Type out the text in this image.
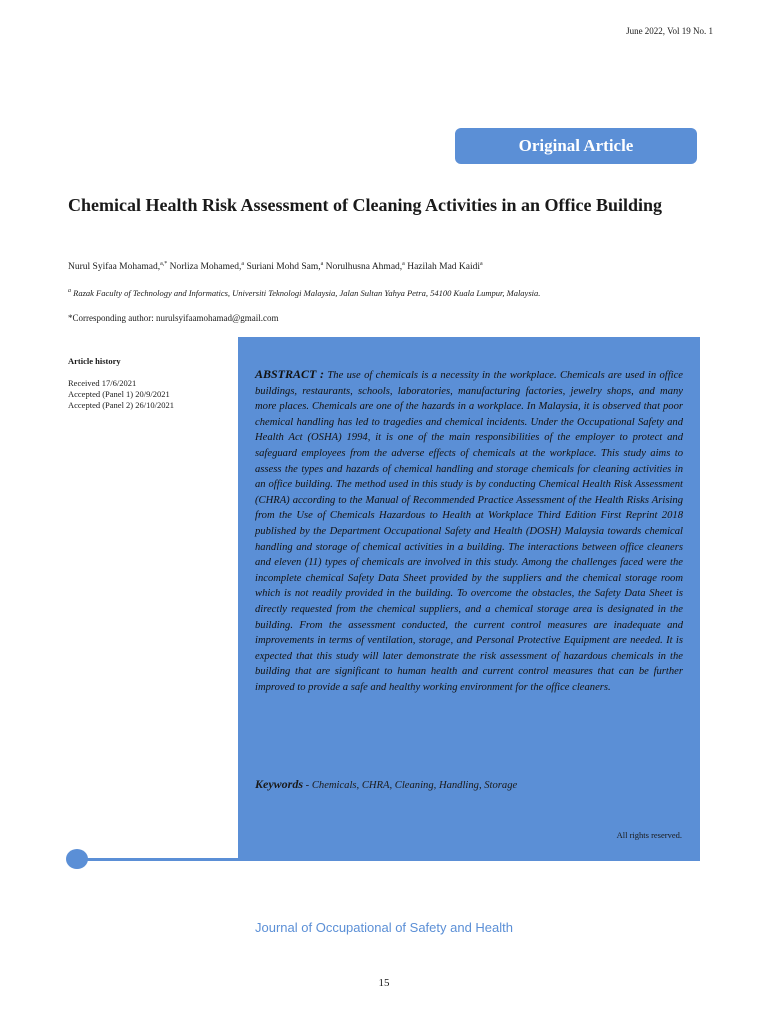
June 2022, Vol 19 No. 1
Original Article
Chemical Health Risk Assessment of Cleaning Activities in an Office Building
Nurul Syifaa Mohamad,$^{a,*}$ Norliza Mohamed,$^a$ Suriani Mohd Sam,$^a$ Norulhusna Ahmad,$^a$ Hazilah Mad Kaidi$^a$
$^a$ Razak Faculty of Technology and Informatics, Universiti Teknologi Malaysia, Jalan Sultan Yahya Petra, 54100 Kuala Lumpur, Malaysia.
*Corresponding author: nurulsyifaamohamad@gmail.com
Article history
Received 17/6/2021
Accepted (Panel 1) 20/9/2021
Accepted (Panel 2) 26/10/2021

ABSTRACT : The use of chemicals is a necessity in the workplace. Chemicals are used in office buildings, restaurants, schools, laboratories, manufacturing factories, jewelry shops, and many more places. Chemicals are one of the hazards in a workplace. In Malaysia, it is observed that poor chemical handling has led to tragedies and chemical incidents. Under the Occupational Safety and Health Act (OSHA) 1994, it is one of the main responsibilities of the employer to protect and safeguard employees from the adverse effects of chemicals at the workplace. This study aims to assess the types and hazards of chemical handling and storage chemicals for cleaning activities in an office building. The method used in this study is by conducting Chemical Health Risk Assessment (CHRA) according to the Manual of Recommended Practice Assessment of the Health Risks Arising from the Use of Chemicals Hazardous to Health at Workplace Third Edition First Reprint 2018 published by the Department Occupational Safety and Health (DOSH) Malaysia towards chemical handling and storage of chemical activities in a building. The interactions between office cleaners and eleven (11) types of chemicals are involved in this study. Among the challenges faced were the incomplete chemical Safety Data Sheet provided by the suppliers and the chemical storage room which is not readily provided in the building. To overcome the obstacles, the Safety Data Sheet is directly requested from the chemical suppliers, and a chemical storage area is designated in the building. From the assessment conducted, the current control measures are inadequate and improvements in terms of ventilation, storage, and Personal Protective Equipment are needed. It is expected that this study will later demonstrate the risk assessment of hazardous chemicals in the building that are significant to human health and current control measures that can be further improved to provide a safe and healthy working environment for the office cleaners.

Keywords - Chemicals, CHRA, Cleaning, Handling, Storage
All rights reserved.
Journal of Occupational of Safety and Health
15
